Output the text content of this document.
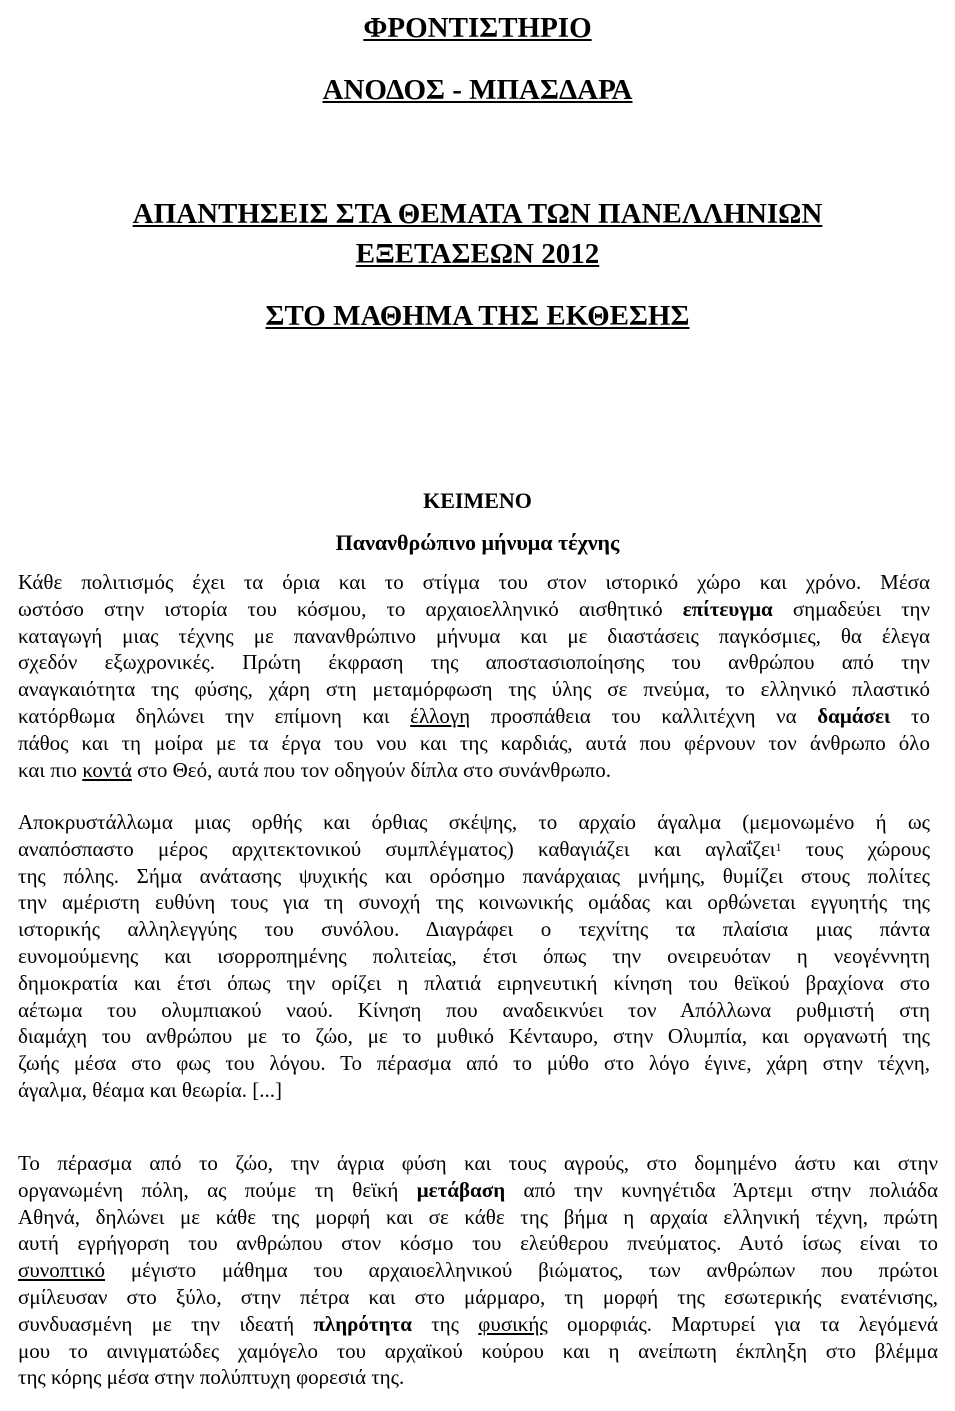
ΦΡΟΝΤΙΣΤΗΡΙΟ
ΑΝΟΔΟΣ - ΜΠΑΣΔΑΡΑ
ΑΠΑΝΤΗΣΕΙΣ ΣΤΑ ΘΕΜΑΤΑ ΤΩΝ ΠΑΝΕΛΛΗΝΙΩΝ
ΕΞΕΤΑΣΕΩΝ 2012
ΣΤΟ ΜΑΘΗΜΑ ΤΗΣ ΕΚΘΕΣΗΣ
ΚΕΙΜΕΝΟ
Πανανθρώπινο μήνυμα τέχνης
Κάθε πολιτισμός έχει τα όρια και το στίγμα του στον ιστορικό χώρο και χρόνο. Μέσα
ωστόσο στην ιστορία του κόσμου, το αρχαιοελληνικό αισθητικό επίτευγμα σημαδεύει την
καταγωγή μιας τέχνης με πανανθρώπινο μήνυμα και με διαστάσεις παγκόσμιες, θα έλεγα
σχεδόν εξωχρονικές. Πρώτη έκφραση της αποστασιοποίησης του ανθρώπου από την
αναγκαιότητα της φύσης, χάρη στη μεταμόρφωση της ύλης σε πνεύμα, το ελληνικό πλαστικό
κατόρθωμα δηλώνει την επίμονη και έλλογη προσπάθεια του καλλιτέχνη να δαμάσει το
πάθος και τη μοίρα με τα έργα του νου και της καρδιάς, αυτά που φέρνουν τον άνθρωπο όλο
και πιο κοντά στο Θεό, αυτά που τον οδηγούν δίπλα στο συνάνθρωπο.
Αποκρυστάλλωμα μιας ορθής και όρθιας σκέψης, το αρχαίο άγαλμα (μεμονωμένο ή ως
αναπόσπαστο μέρος αρχιτεκτονικού συμπλέγματος) καθαγιάζει και αγλαΐζει$^1$ τους χώρους
της πόλης. Σήμα ανάτασης ψυχικής και ορόσημο πανάρχαιας μνήμης, θυμίζει στους πολίτες
την αμέριστη ευθύνη τους για τη συνοχή της κοινωνικής ομάδας και ορθώνεται εγγυητής της
ιστορικής αλληλεγγύης του συνόλου. Διαγράφει ο τεχνίτης τα πλαίσια μιας πάντα
ευνομούμενης και ισορροπημένης πολιτείας, έτσι όπως την ονειρευόταν η νεογέννητη
δημοκρατία και έτσι όπως την ορίζει η πλατιά ειρηνευτική κίνηση του θεϊκού βραχίονα στο
αέτωμα του ολυμπιακού ναού. Κίνηση που αναδεικνύει τον Απόλλωνα ρυθμιστή στη
διαμάχη του ανθρώπου με το ζώο, με το μυθικό Κένταυρο, στην Ολυμπία, και οργανωτή της
ζωής μέσα στο φως του λόγου. Το πέρασμα από το μύθο στο λόγο έγινε, χάρη στην τέχνη,
άγαλμα, θέαμα και θεωρία. [...]
Το πέρασμα από το ζώο, την άγρια φύση και τους αγρούς, στο δομημένο άστυ και στην
οργανωμένη πόλη, ας πούμε τη θεϊκή μετάβαση από την κυνηγέτιδα Άρτεμι στην πολιάδα
Αθηνά, δηλώνει με κάθε της μορφή και σε κάθε της βήμα η αρχαία ελληνική τέχνη, πρώτη
αυτή εγρήγορση του ανθρώπου στον κόσμο του ελεύθερου πνεύματος. Αυτό ίσως είναι το
συνοπτικό μέγιστο μάθημα του αρχαιοελληνικού βιώματος, των ανθρώπων που πρώτοι
σμίλευσαν στο ξύλο, στην πέτρα και στο μάρμαρο, τη μορφή της εσωτερικής ενατένισης,
συνδυασμένη με την ιδεατή πληρότητα της φυσικής ομορφιάς. Μαρτυρεί για τα λεγόμενά
μου το αινιγματώδες χαμόγελο του αρχαϊκού κούρου και η ανείπωτη έκπληξη στο βλέμμα
της κόρης μέσα στην πολύπτυχη φορεσιά της.
